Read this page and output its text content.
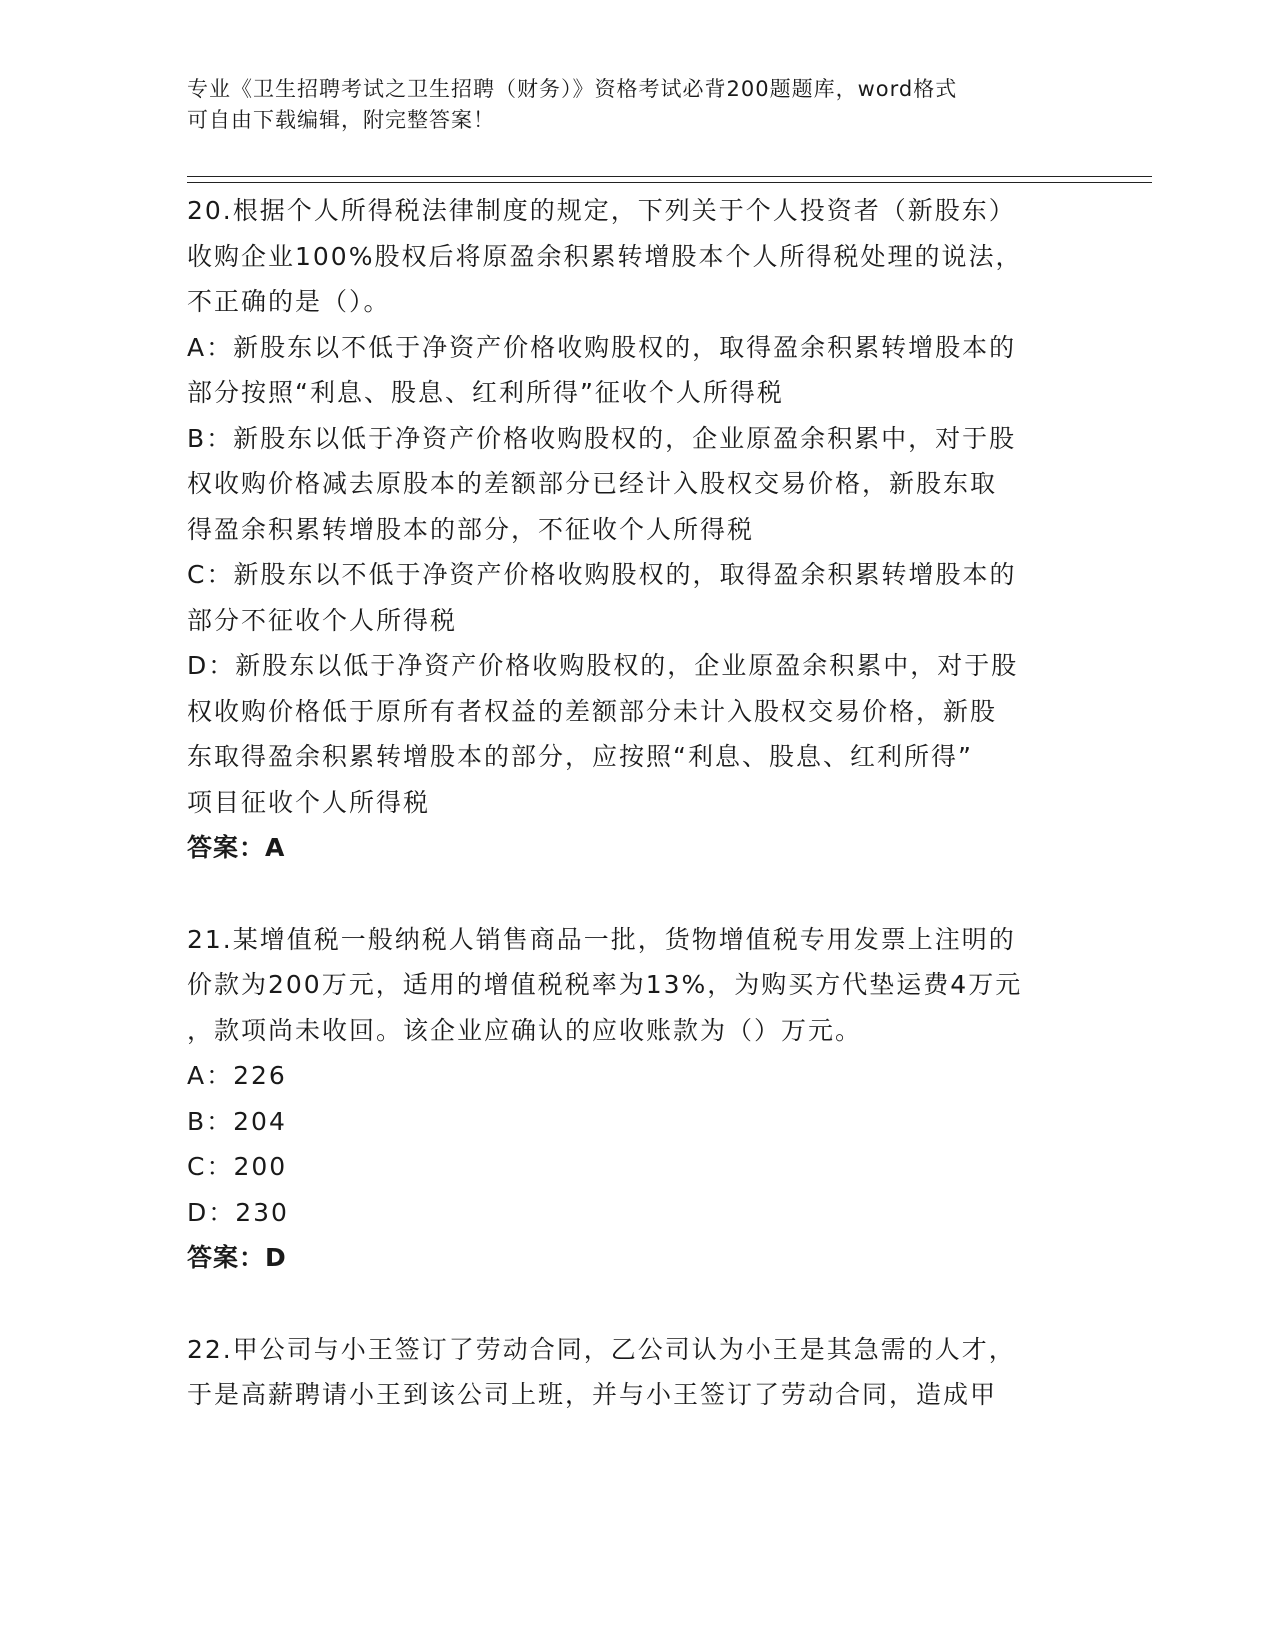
专业《卫生招聘考试之卫生招聘（财务）》资格考试必背200题题库，word格式
可自由下载编辑，附完整答案！

20.根据个人所得税法律制度的规定，下列关于个人投资者（新股东）

收购企业100%股权后将原盈余积累转增股本个人所得税处理的说法，

不正确的是（）。

A：新股东以不低于净资产价格收购股权的，取得盈余积累转增股本的

部分按照“利息、股息、红利所得”征收个人所得税

B：新股东以低于净资产价格收购股权的，企业原盈余积累中，对于股

权收购价格减去原股本的差额部分已经计入股权交易价格，新股东取

得盈余积累转增股本的部分，不征收个人所得税

C：新股东以不低于净资产价格收购股权的，取得盈余积累转增股本的

部分不征收个人所得税

D：新股东以低于净资产价格收购股权的，企业原盈余积累中，对于股

权收购价格低于原所有者权益的差额部分未计入股权交易价格，新股

东取得盈余积累转增股本的部分，应按照“利息、股息、红利所得”

项目征收个人所得税

答案：A

21.某增值税一般纳税人销售商品一批，货物增值税专用发票上注明的

价款为200万元，适用的增值税税率为13%，为购买方代垫运费4万元

，款项尚未收回。该企业应确认的应收账款为（）万元。

A：226

B：204

C：200

D：230

答案：D

22.甲公司与小王签订了劳动合同，乙公司认为小王是其急需的人才，

于是高薪聘请小王到该公司上班，并与小王签订了劳动合同，造成甲
